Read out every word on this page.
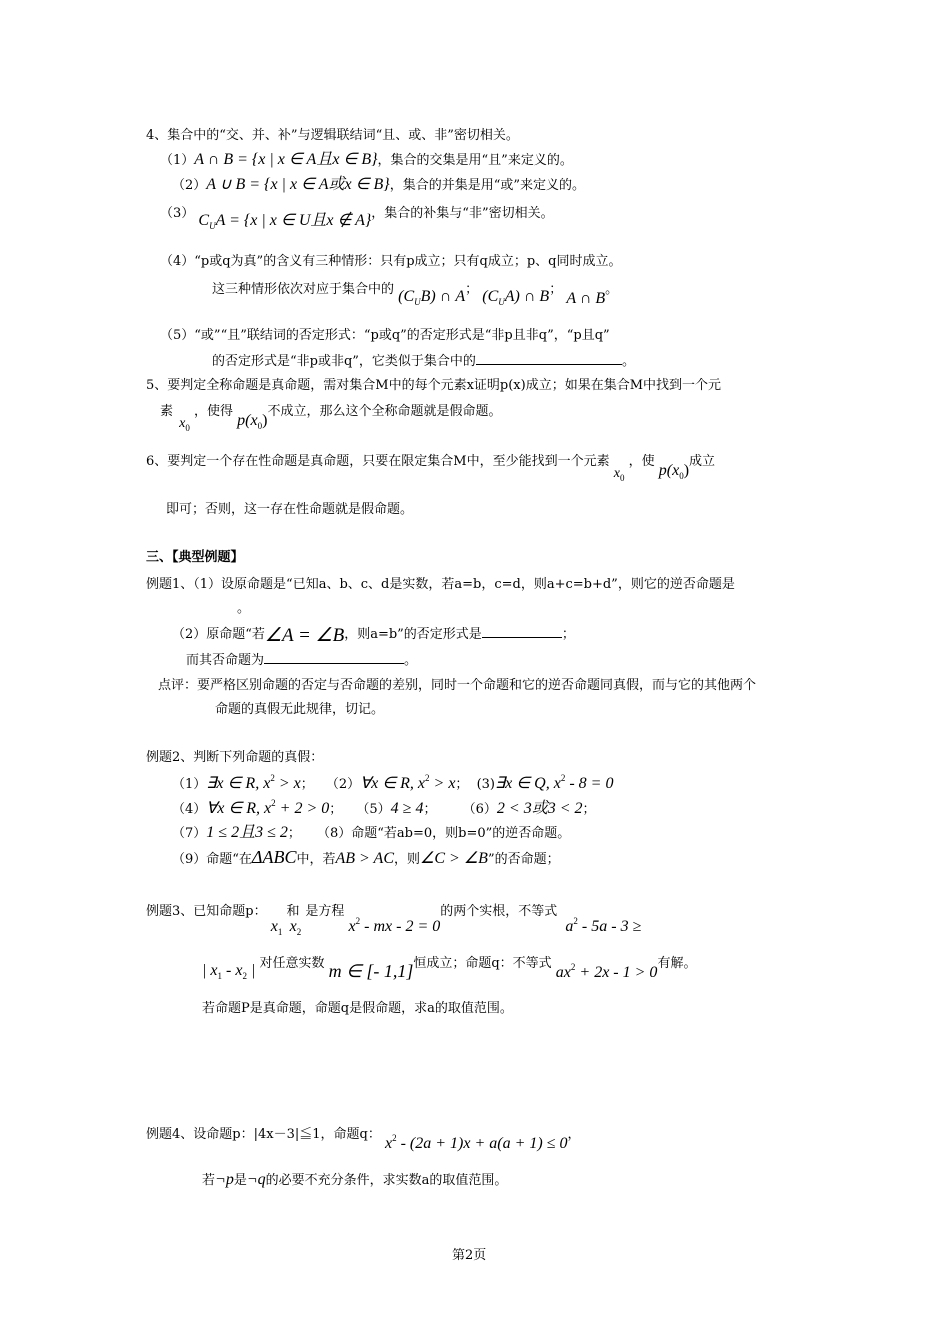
4、集合中的“交、并、补”与逻辑联结词“且、或、非”密切相关。
（1）A ∩ B = {x | x ∈ A且x ∈ B}，集合的交集是用“且”来定义的。
（2）A ∪ B = {x | x ∈ A或x ∈ B}，集合的并集是用“或”来定义的。
（3） $C_UA = \{x$ | x ∈ U且x ∉ A}，集合的补集与“非”密切相关。
（4）“p或q为真”的含义有三种情形：只有p成立；只有q成立；p、q同时成立。
这三种情形依次对应于集合中的 $(C_UB)$ ∩ A； $(C_UA)$ ∩ B； A ∩ B。
（5）“或”“且”联结词的否定形式：“p或q”的否定形式是“非p且非q”，“p且q”
的否定形式是“非p或非q”，它类似于集合中的	。
5、要判定全称命题是真命题，需对集合M中的每个元素x证明p(x)成立；如果在集合M中找到一个元
素 $x_0$ ，使得 $p(x_0)$不成立，那么这个全称命题就是假命题。
6、要判定一个存在性命题是真命题，只要在限定集合M中，至少能找到一个元素 $x_0$ ，使 $p(x_0)$成立
即可；否则，这一存在性命题就是假命题。
三、【典型例题】
例题1、（1）设原命题是“已知a、b、c、d是实数，若a=b，c=d，则a+c=b+d”，则它的逆否命题是
。
（2）原命题“若∠A = ∠B，则a=b”的否定形式是	；
而其否命题为	。
点评：要严格区别命题的否定与否命题的差别，同时一个命题和它的逆否命题同真假，而与它的其他两个
命题的真假无此规律，切记。
例题2、判断下列命题的真假：
（1）∃x ∈ R, $x^2 > x$； （2）∀x ∈ R, $x^2 > x$； (3)∃x ∈ Q, $x^2 - 8 = 0$
（4）∀x ∈ R, $x^2 + 2 > 0$； （5）4 ≥ 4； （6）2 < 3或3 < 2；
（7）1 ≤ 2且3 ≤ 2； （8）命题“若ab=0，则b=0”的逆否命题。
（9）命题“在ΔABC中，若AB > AC，则∠C > ∠B”的否命题；
例题3、已知命题p： $x_1$ 和 $x_2$ 是方程 $x^2$ - mx - 2 = 0的两个实根，不等式 $a^2 - 5a - 3$ ≥
| $x_1 - x_2$ | 对任意实数 m ∈ [- 1,1]恒成立；命题q：不等式 $ax^2 + 2x - 1 > 0$有解。
若命题P是真命题，命题q是假命题，求a的取值范围。
例题4、设命题p：|4x－3|≦1，命题q： $x^2 - (2a + 1)x + a(a + 1) \le 0$，
若¬p是¬q的必要不充分条件，求实数a的取值范围。
第2页
